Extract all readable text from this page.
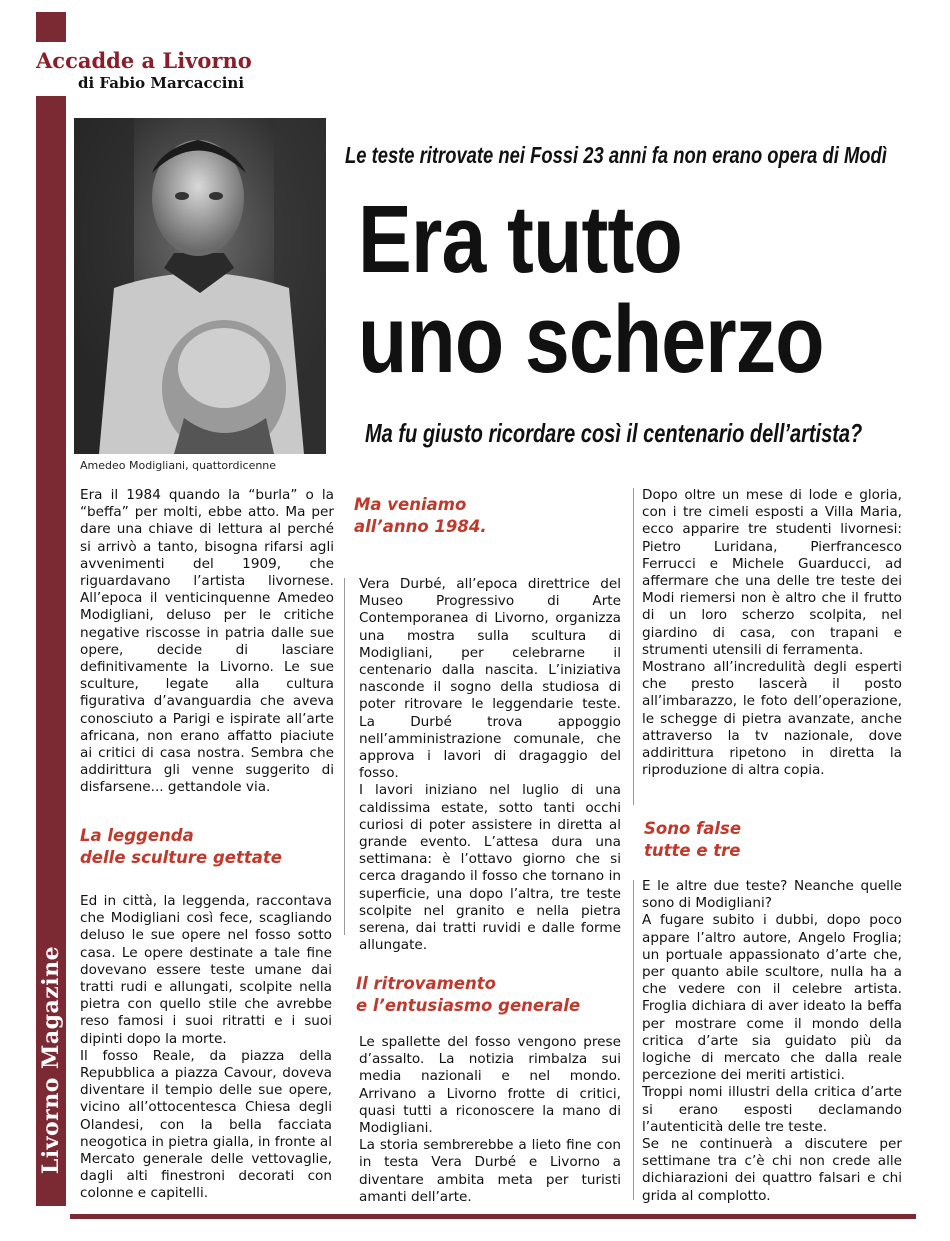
Livorno Magazine
Accadde a Livorno
di Fabio Marcaccini
Amedeo Modigliani, quattordicenne
Le teste ritrovate nei Fossi 23 anni fa non erano opera di Modì
Era tutto
uno scherzo
Ma fu giusto ricordare così il centenario dell’artista?

Era il 1984 quando la “burla” o la “beffa” per molti, ebbe atto. Ma per dare una chiave di lettura al perché si arrivò a tanto, bisogna rifarsi agli avvenimenti del 1909, che riguardavano l’artista livornese. All’epoca il venticinquenne Amedeo Modigliani, deluso per le critiche negative riscosse in patria dalle sue opere, decide di lasciare definitivamente la Livorno. Le sue sculture, legate alla cultura figurativa d’avanguardia che aveva conosciuto a Parigi e ispirate all’arte africana, non erano affatto piaciute ai critici di casa nostra. Sembra che addirittura gli venne suggerito di disfarsene... gettandole via.

La leggenda
delle sculture gettate

Ed in città, la leggenda, raccontava che Modigliani così fece, scagliando deluso le sue opere nel fosso sotto casa. Le opere destinate a tale fine dovevano essere teste umane dai tratti rudi e allungati, scolpite nella pietra con quello stile che avrebbe reso famosi i suoi ritratti e i suoi dipinti dopo la morte.

Il fosso Reale, da piazza della Repubblica a piazza Cavour, doveva diventare il tempio delle sue opere, vicino all’ottocentesca Chiesa degli Olandesi, con la bella facciata neogotica in pietra gialla, in fronte al Mercato generale delle vettovaglie, dagli alti finestroni decorati con colonne e capitelli.

Ma veniamo
all’anno 1984.

Vera Durbé, all’epoca direttrice del Museo Progressivo di Arte Contemporanea di Livorno, organizza una mostra sulla scultura di Modigliani, per celebrarne il centenario dalla nascita. L’iniziativa nasconde il sogno della studiosa di poter ritrovare le leggendarie teste. La Durbé trova appoggio nell’amministrazione comunale, che approva i lavori di dragaggio del fosso.

I lavori iniziano nel luglio di una caldissima estate, sotto tanti occhi curiosi di poter assistere in diretta al grande evento. L’attesa dura una settimana: è l’ottavo giorno che si cerca dragando il fosso che tornano in superficie, una dopo l’altra, tre teste scolpite nel granito e nella pietra serena, dai tratti ruvidi e dalle forme allungate.

Il ritrovamento
e l’entusiasmo generale

Le spallette del fosso vengono prese d’assalto. La notizia rimbalza sui media nazionali e nel mondo. Arrivano a Livorno frotte di critici, quasi tutti a riconoscere la mano di Modigliani.

La storia sembrerebbe a lieto fine con in testa Vera Durbé e Livorno a diventare ambita meta per turisti amanti dell’arte.

Dopo oltre un mese di lode e gloria, con i tre cimeli esposti a Villa Maria, ecco apparire tre studenti livornesi: Pietro Luridana, Pierfrancesco Ferrucci e Michele Guarducci, ad affermare che una delle tre teste dei Modi riemersi non è altro che il frutto di un loro scherzo scolpita, nel giardino di casa, con trapani e strumenti utensili di ferramenta.

Mostrano all’incredulità degli esperti che presto lascerà il posto all’imbarazzo, le foto dell’operazione, le schegge di pietra avanzate, anche attraverso la tv nazionale, dove addirittura ripetono in diretta la riproduzione di altra copia.

Sono false
tutte e tre

E le altre due teste? Neanche quelle sono di Modigliani?

A fugare subito i dubbi, dopo poco appare l’altro autore, Angelo Froglia; un portuale appassionato d’arte che, per quanto abile scultore, nulla ha a che vedere con il celebre artista. Froglia dichiara di aver ideato la beffa per mostrare come il mondo della critica d’arte sia guidato più da logiche di mercato che dalla reale percezione dei meriti artistici.

Troppi nomi illustri della critica d’arte si erano esposti declamando l’autenticità delle tre teste.

Se ne continuerà a discutere per settimane tra c’è chi non crede alle dichiarazioni dei quattro falsari e chi grida al complotto.
